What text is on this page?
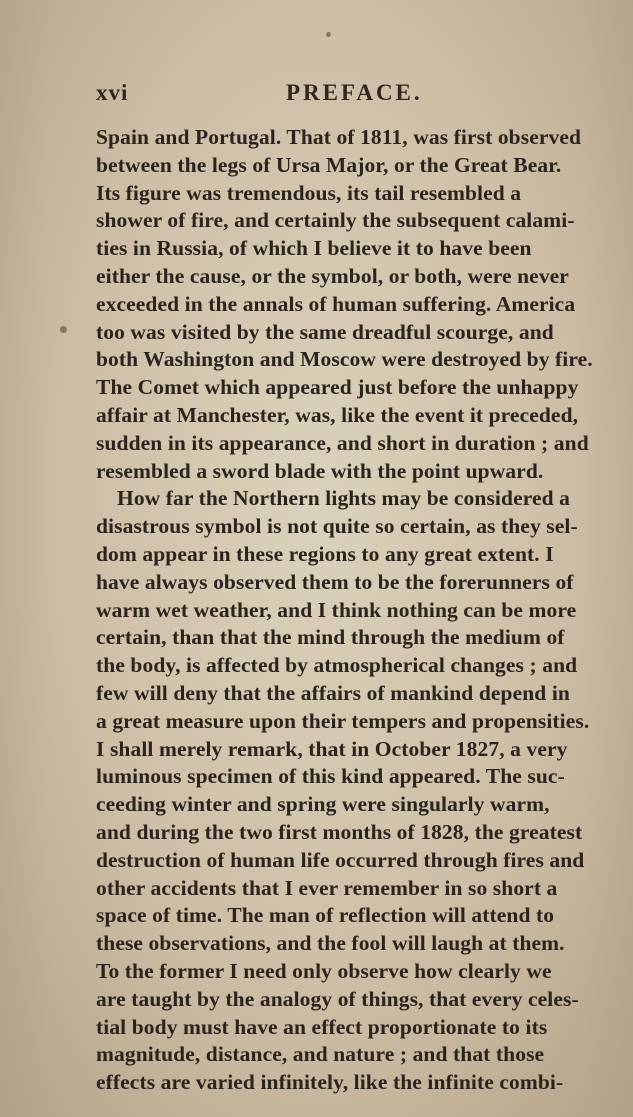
xvi	PREFACE.
Spain and Portugal. That of 1811, was first observed
between the legs of Ursa Major, or the Great Bear.
Its figure was tremendous, its tail resembled a
shower of fire, and certainly the subsequent calami-
ties in Russia, of which I believe it to have been
either the cause, or the symbol, or both, were never
exceeded in the annals of human suffering. America
too was visited by the same dreadful scourge, and
both Washington and Moscow were destroyed by fire.
The Comet which appeared just before the unhappy
affair at Manchester, was, like the event it preceded,
sudden in its appearance, and short in duration ; and
resembled a sword blade with the point upward.
How far the Northern lights may be considered a
disastrous symbol is not quite so certain, as they sel-
dom appear in these regions to any great extent. I
have always observed them to be the forerunners of
warm wet weather, and I think nothing can be more
certain, than that the mind through the medium of
the body, is affected by atmospherical changes ; and
few will deny that the affairs of mankind depend in
a great measure upon their tempers and propensities.
I shall merely remark, that in October 1827, a very
luminous specimen of this kind appeared. The suc-
ceeding winter and spring were singularly warm,
and during the two first months of 1828, the greatest
destruction of human life occurred through fires and
other accidents that I ever remember in so short a
space of time. The man of reflection will attend to
these observations, and the fool will laugh at them.
To the former I need only observe how clearly we
are taught by the analogy of things, that every celes-
tial body must have an effect proportionate to its
magnitude, distance, and nature ; and that those
effects are varied infinitely, like the infinite combi-
